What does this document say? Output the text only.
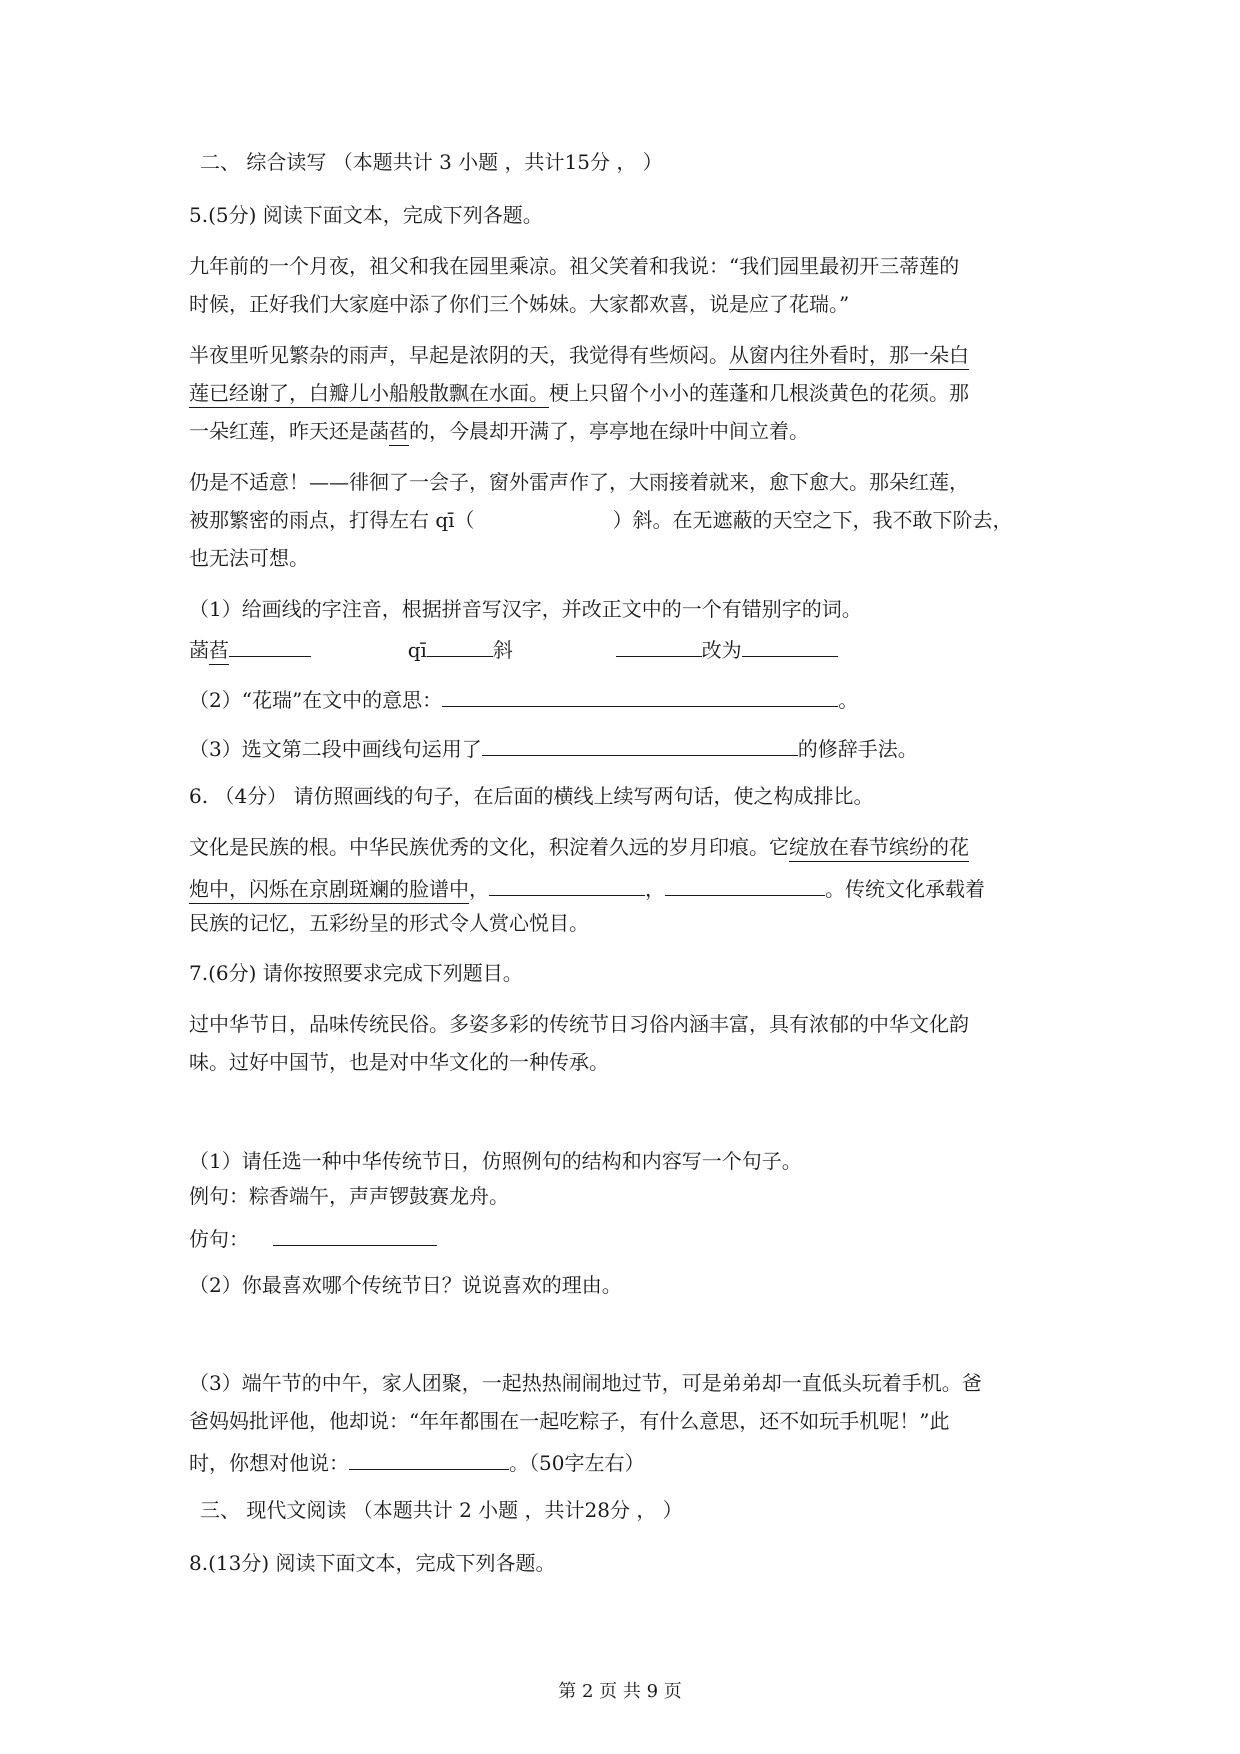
二、 综合读写 （本题共计 3 小题 ，共计15分 ， ）
5.(5分) 阅读下面文本，完成下列各题。
九年前的一个月夜，祖父和我在园里乘凉。祖父笑着和我说：“我们园里最初开三蒂莲的
时候，正好我们大家庭中添了你们三个姊妹。大家都欢喜，说是应了花瑞。”
半夜里听见繁杂的雨声，早起是浓阴的天，我觉得有些烦闷。从窗内往外看时，那一朵白
莲已经谢了，白瓣儿小船般散飘在水面。梗上只留个小小的莲蓬和几根淡黄色的花须。那
一朵红莲，昨天还是菡萏的，今晨却开满了，亭亭地在绿叶中间立着。
仍是不适意！——徘徊了一会子，窗外雷声作了，大雨接着就来，愈下愈大。那朵红莲，
被那繁密的雨点，打得左右 qī（	）斜。在无遮蔽的天空之下，我不敢下阶去，
也无法可想。
（1）给画线的字注音，根据拼音写汉字，并改正文中的一个有错别字的词。
菡萏	qī	斜	改为
（2）“花瑞”在文中的意思：	。
（3）选文第二段中画线句运用了	的修辞手法。
6. （4分） 请仿照画线的句子，在后面的横线上续写两句话，使之构成排比。
文化是民族的根。中华民族优秀的文化，积淀着久远的岁月印痕。它绽放在春节缤纷的花
炮中，闪烁在京剧斑斓的脸谱中，	，	。传统文化承载着
民族的记忆，五彩纷呈的形式令人赏心悦目。
7.(6分) 请你按照要求完成下列题目。
过中华节日，品味传统民俗。多姿多彩的传统节日习俗内涵丰富，具有浓郁的中华文化韵
味。过好中国节，也是对中华文化的一种传承。
（1）请任选一种中华传统节日，仿照例句的结构和内容写一个句子。
例句：粽香端午，声声锣鼓赛龙舟。
仿句：
（2）你最喜欢哪个传统节日？说说喜欢的理由。
（3）端午节的中午，家人团聚，一起热热闹闹地过节，可是弟弟却一直低头玩着手机。爸
爸妈妈批评他，他却说：“年年都围在一起吃粽子，有什么意思，还不如玩手机呢！”此
时，你想对他说：	。（50字左右）
三、 现代文阅读 （本题共计 2 小题 ，共计28分 ， ）
8.(13分) 阅读下面文本，完成下列各题。
第 2 页 共 9 页
